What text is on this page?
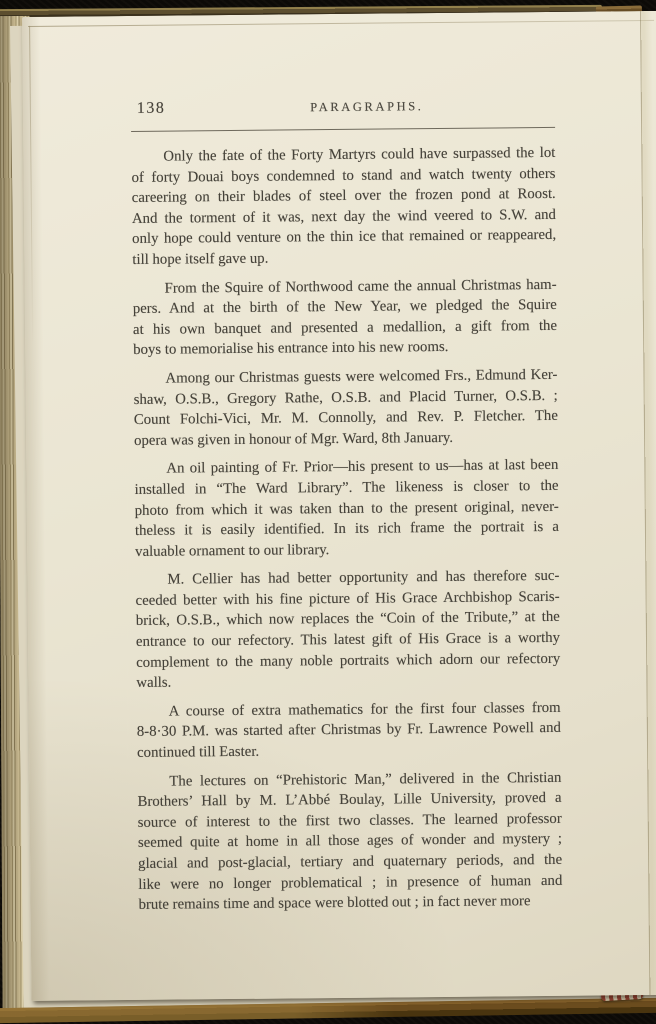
138	PARAGRAPHS.
Only the fate of the Forty Martyrs could have surpassed the lot
of forty Douai boys condemned to stand and watch twenty others
careering on their blades of steel over the frozen pond at Roost.
And the torment of it was, next day the wind veered to S.W. and
only hope could venture on the thin ice that remained or reappeared,
till hope itself gave up.
From the Squire of Northwood came the annual Christmas ham-
pers. And at the birth of the New Year, we pledged the Squire
at his own banquet and presented a medallion, a gift from the
boys to memorialise his entrance into his new rooms.
Among our Christmas guests were welcomed Frs., Edmund Ker-
shaw, O.S.B., Gregory Rathe, O.S.B. and Placid Turner, O.S.B. ;
Count Folchi-Vici, Mr. M. Connolly, and Rev. P. Fletcher. The
opera was given in honour of Mgr. Ward, 8th January.
An oil painting of Fr. Prior—his present to us—has at last been
installed in “The Ward Library”. The likeness is closer to the
photo from which it was taken than to the present original, never-
theless it is easily identified. In its rich frame the portrait is a
valuable ornament to our library.
M. Cellier has had better opportunity and has therefore suc-
ceeded better with his fine picture of His Grace Archbishop Scaris-
brick, O.S.B., which now replaces the “Coin of the Tribute,” at the
entrance to our refectory. This latest gift of His Grace is a worthy
complement to the many noble portraits which adorn our refectory
walls.
A course of extra mathematics for the first four classes from
8-8·30 P.M. was started after Christmas by Fr. Lawrence Powell and
continued till Easter.
The lectures on “Prehistoric Man,” delivered in the Christian
Brothers’ Hall by M. L’Abbé Boulay, Lille University, proved a
source of interest to the first two classes. The learned professor
seemed quite at home in all those ages of wonder and mystery ;
glacial and post-glacial, tertiary and quaternary periods, and the
like were no longer problematical ; in presence of human and
brute remains time and space were blotted out ; in fact never more
